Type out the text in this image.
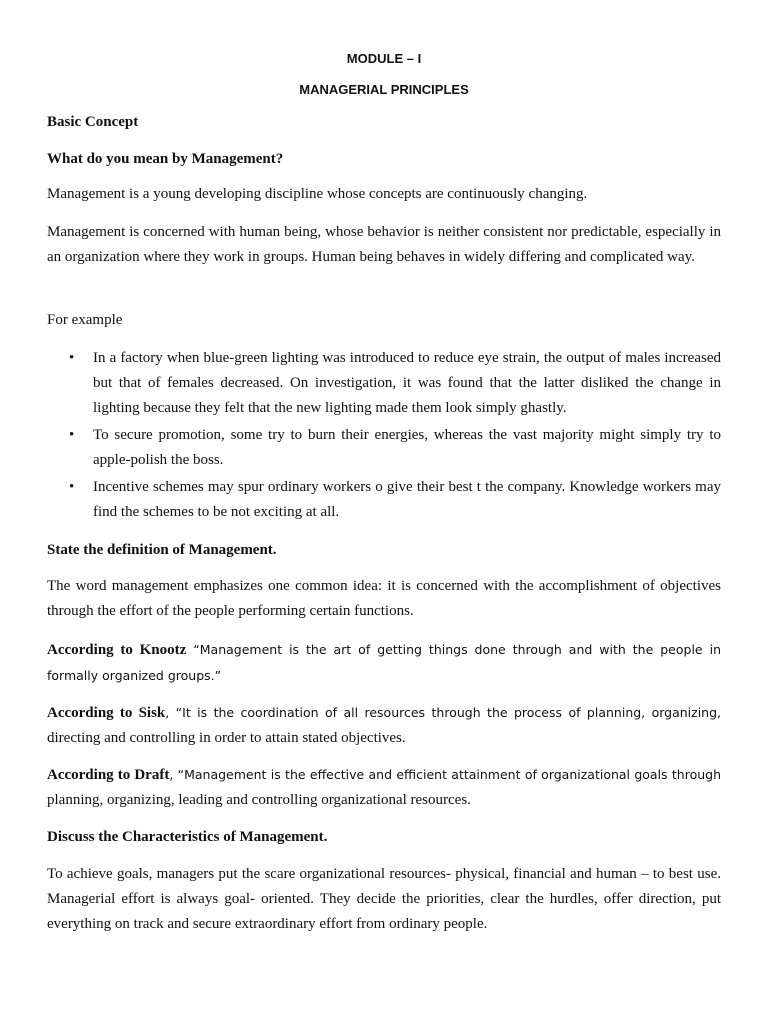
MODULE – I
MANAGERIAL PRINCIPLES

Basic Concept

What do you mean by Management?

Management is a young developing discipline whose concepts are continuously changing.

Management is concerned with human being, whose behavior is neither consistent nor predictable, especially in an organization where they work in groups. Human being behaves in widely differing and complicated way.

For example

• In a factory when blue-green lighting was introduced to reduce eye strain, the output of males increased but that of females decreased. On investigation, it was found that the latter disliked the change in lighting because they felt that the new lighting made them look simply ghastly.
• To secure promotion, some try to burn their energies, whereas the vast majority might simply try to apple-polish the boss.
• Incentive schemes may spur ordinary workers o give their best t the company. Knowledge workers may find the schemes to be not exciting at all.

State the definition of Management.

The word management emphasizes one common idea: it is concerned with the accomplishment of objectives through the effort of the people performing certain functions.

According to Knootz “Management is the art of getting things done through and with the people in formally organized groups.”

According to Sisk, “It is the coordination of all resources through the process of planning, organizing, directing and controlling in order to attain stated objectives.

According to Draft, “Management is the effective and efficient attainment of organizational goals through planning, organizing, leading and controlling organizational resources.

Discuss the Characteristics of Management.

To achieve goals, managers put the scare organizational resources- physical, financial and human – to best use. Managerial effort is always goal- oriented. They decide the priorities, clear the hurdles, offer direction, put everything on track and secure extraordinary effort from ordinary people.
